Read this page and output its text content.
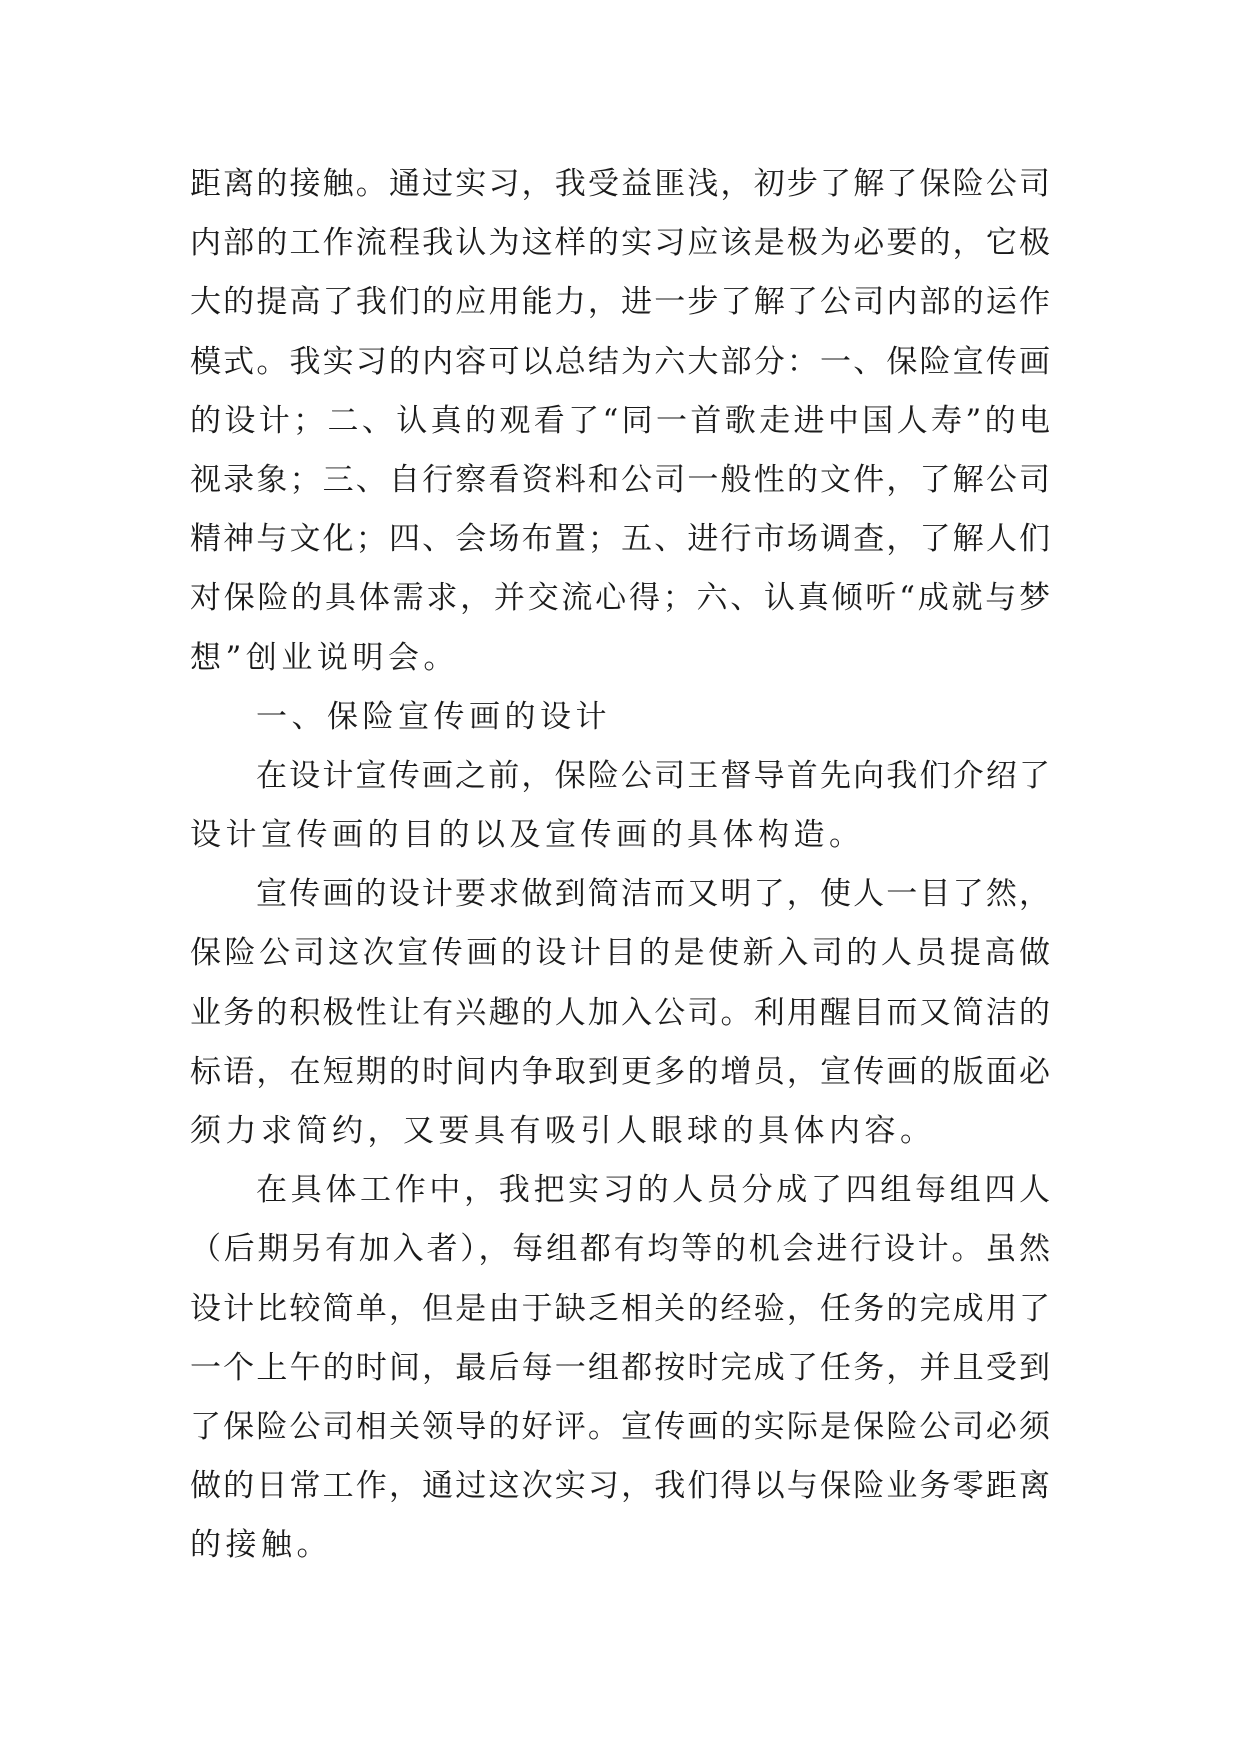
距离的接触。通过实习，我受益匪浅，初步了解了保险公司
内部的工作流程我认为这样的实习应该是极为必要的，它极
大的提高了我们的应用能力，进一步了解了公司内部的运作
模式。我实习的内容可以总结为六大部分：一、保险宣传画
的设计；二、认真的观看了“同一首歌走进中国人寿”的电
视录象；三、自行察看资料和公司一般性的文件，了解公司
精神与文化；四、会场布置；五、进行市场调查，了解人们
对保险的具体需求，并交流心得；六、认真倾听“成就与梦
想”创业说明会。
一、保险宣传画的设计
在设计宣传画之前，保险公司王督导首先向我们介绍了
设计宣传画的目的以及宣传画的具体构造。
宣传画的设计要求做到简洁而又明了，使人一目了然，
保险公司这次宣传画的设计目的是使新入司的人员提高做
业务的积极性让有兴趣的人加入公司。利用醒目而又简洁的
标语，在短期的时间内争取到更多的增员，宣传画的版面必
须力求简约，又要具有吸引人眼球的具体内容。
在具体工作中，我把实习的人员分成了四组每组四人
（后期另有加入者），每组都有均等的机会进行设计。虽然
设计比较简单，但是由于缺乏相关的经验，任务的完成用了
一个上午的时间，最后每一组都按时完成了任务，并且受到
了保险公司相关领导的好评。宣传画的实际是保险公司必须
做的日常工作，通过这次实习，我们得以与保险业务零距离
的接触。
